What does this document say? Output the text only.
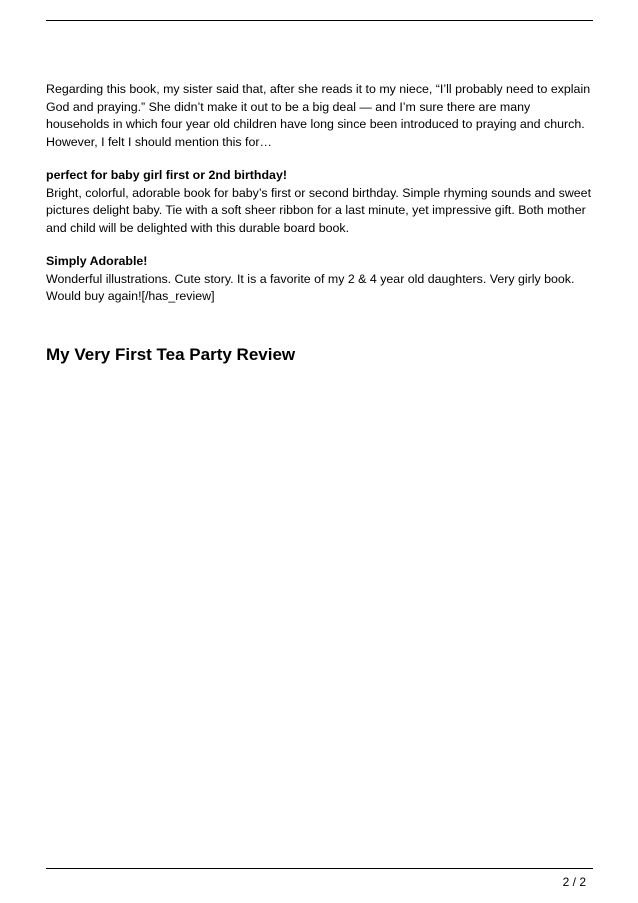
Regarding this book, my sister said that, after she reads it to my niece, “I’ll probably need to explain God and praying.” She didn’t make it out to be a big deal — and I’m sure there are many households in which four year old children have long since been introduced to praying and church. However, I felt I should mention this for…

perfect for baby girl first or 2nd birthday!
Bright, colorful, adorable book for baby’s first or second birthday. Simple rhyming sounds and sweet pictures delight baby. Tie with a soft sheer ribbon for a last minute, yet impressive gift. Both mother and child will be delighted with this durable board book.
Simply Adorable!
Wonderful illustrations. Cute story. It is a favorite of my 2 & 4 year old daughters. Very girly book. Would buy again![/has_review]
My Very First Tea Party Review
2 / 2
